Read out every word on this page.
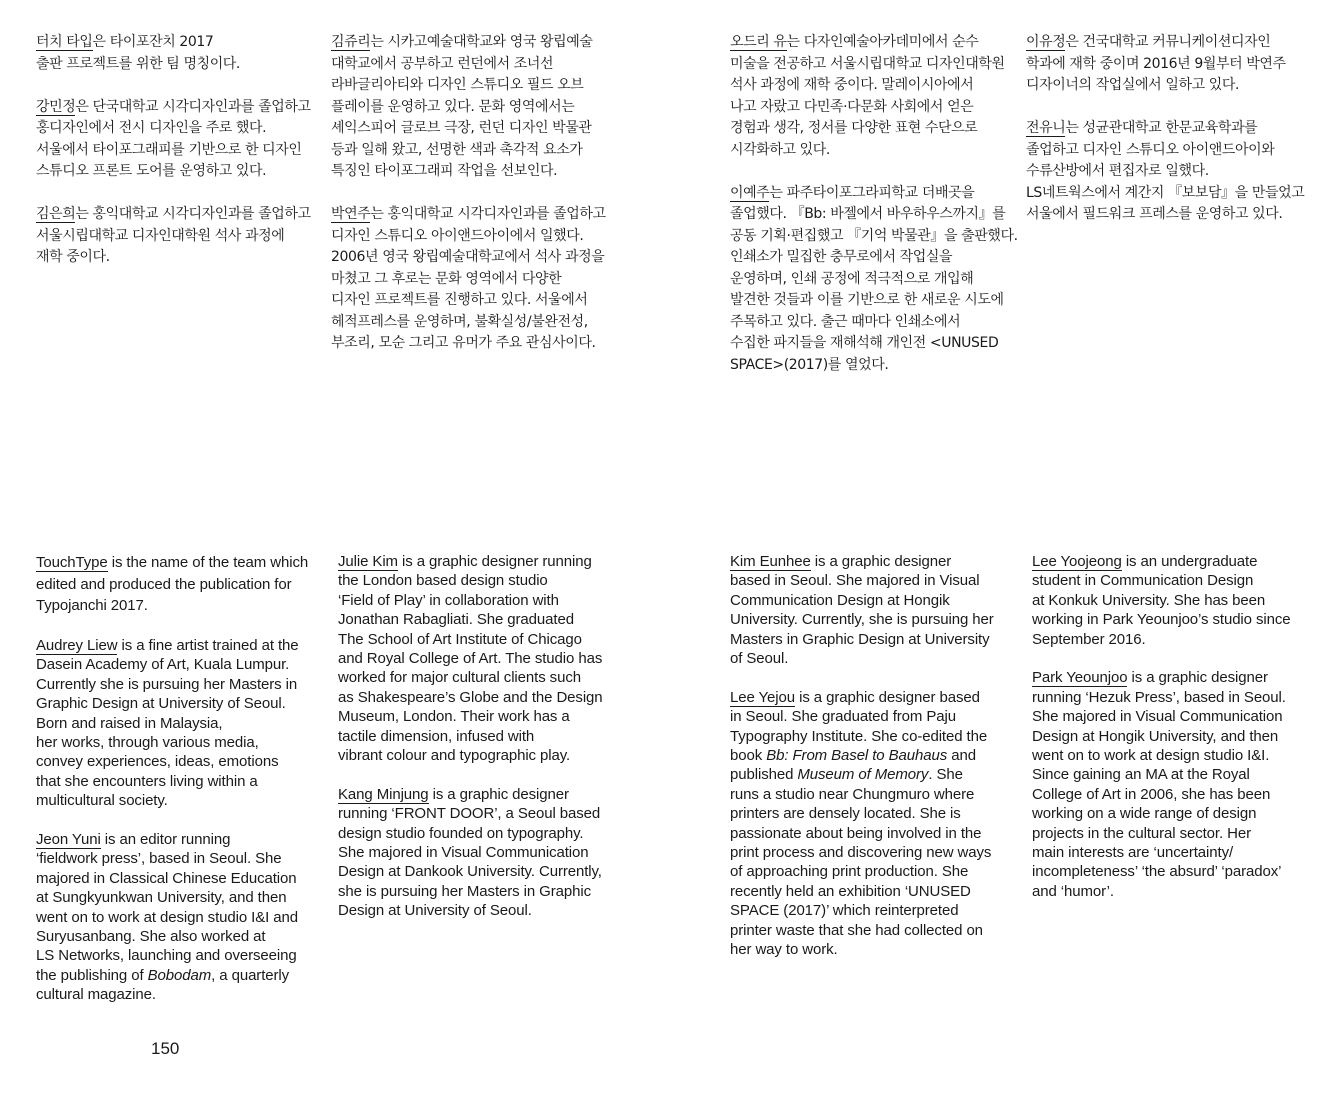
터치 타입은 타이포잔치 2017
출판 프로젝트를 위한 팀 명칭이다.

강민정은 단국대학교 시각디자인과를 졸업하고
홍디자인에서 전시 디자인을 주로 했다.
서울에서 타이포그래피를 기반으로 한 디자인
스튜디오 프론트 도어를 운영하고 있다.

김은희는 홍익대학교 시각디자인과를 졸업하고
서울시립대학교 디자인대학원 석사 과정에
재학 중이다.

김쥬리는 시카고예술대학교와 영국 왕립예술
대학교에서 공부하고 런던에서 조너선
라바글리아티와 디자인 스튜디오 필드 오브
플레이를 운영하고 있다. 문화 영역에서는
셰익스피어 글로브 극장, 런던 디자인 박물관
등과 일해 왔고, 선명한 색과 촉각적 요소가
특징인 타이포그래피 작업을 선보인다.

박연주는 홍익대학교 시각디자인과를 졸업하고
디자인 스튜디오 아이앤드아이에서 일했다.
2006년 영국 왕립예술대학교에서 석사 과정을
마쳤고 그 후로는 문화 영역에서 다양한
디자인 프로젝트를 진행하고 있다. 서울에서
헤적프레스를 운영하며, 불확실성/불완전성,
부조리, 모순 그리고 유머가 주요 관심사이다.

오드리 유는 다자인예술아카데미에서 순수
미술을 전공하고 서울시립대학교 디자인대학원
석사 과정에 재학 중이다. 말레이시아에서
나고 자랐고 다민족·다문화 사회에서 얻은
경험과 생각, 정서를 다양한 표현 수단으로
시각화하고 있다.

이예주는 파주타이포그라피학교 더배곳을
졸업했다. 『Bb: 바젤에서 바우하우스까지』를
공동 기획·편집했고 『기억 박물관』을 출판했다.
인쇄소가 밀집한 충무로에서 작업실을
운영하며, 인쇄 공정에 적극적으로 개입해
발견한 것들과 이를 기반으로 한 새로운 시도에
주목하고 있다. 출근 때마다 인쇄소에서
수집한 파지들을 재해석해 개인전 <UNUSED
SPACE>(2017)를 열었다.

이유정은 건국대학교 커뮤니케이션디자인
학과에 재학 중이며 2016년 9월부터 박연주
디자이너의 작업실에서 일하고 있다.

전유니는 성균관대학교 한문교육학과를
졸업하고 디자인 스튜디오 아이앤드아이와
수류산방에서 편집자로 일했다.
LS네트웍스에서 계간지 『보보담』을 만들었고
서울에서 필드워크 프레스를 운영하고 있다.

TouchType is the name of the team which
edited and produced the publication for
Typojanchi 2017.

Audrey Liew is a fine artist trained at the
Dasein Academy of Art, Kuala Lumpur.
Currently she is pursuing her Masters in
Graphic Design at University of Seoul.
Born and raised in Malaysia,
her works, through various media,
convey experiences, ideas, emotions
that she encounters living within a
multicultural society.

Jeon Yuni is an editor running
‘fieldwork press’, based in Seoul. She
majored in Classical Chinese Education
at Sungkyunkwan University, and then
went on to work at design studio I&I and
Suryusanbang. She also worked at
LS Networks, launching and overseeing
the publishing of Bobodam, a quarterly
cultural magazine.

Julie Kim is a graphic designer running
the London based design studio
‘Field of Play’ in collaboration with
Jonathan Rabagliati. She graduated
The School of Art Institute of Chicago
and Royal College of Art. The studio has
worked for major cultural clients such
as Shakespeare’s Globe and the Design
Museum, London. Their work has a
tactile dimension, infused with
vibrant colour and typographic play.

Kang Minjung is a graphic designer
running ‘FRONT DOOR’, a Seoul based
design studio founded on typography.
She majored in Visual Communication
Design at Dankook University. Currently,
she is pursuing her Masters in Graphic
Design at University of Seoul.

Kim Eunhee is a graphic designer
based in Seoul. She majored in Visual
Communication Design at Hongik
University. Currently, she is pursuing her
Masters in Graphic Design at University
of Seoul.

Lee Yejou is a graphic designer based
in Seoul. She graduated from Paju
Typography Institute. She co-edited the
book Bb: From Basel to Bauhaus and
published Museum of Memory. She
runs a studio near Chungmuro where
printers are densely located. She is
passionate about being involved in the
print process and discovering new ways
of approaching print production. She
recently held an exhibition ‘UNUSED
SPACE (2017)’ which reinterpreted
printer waste that she had collected on
her way to work.

Lee Yoojeong is an undergraduate
student in Communication Design
at Konkuk University. She has been
working in Park Yeounjoo’s studio since
September 2016.

Park Yeounjoo is a graphic designer
running ‘Hezuk Press’, based in Seoul.
She majored in Visual Communication
Design at Hongik University, and then
went on to work at design studio I&I.
Since gaining an MA at the Royal
College of Art in 2006, she has been
working on a wide range of design
projects in the cultural sector. Her
main interests are ‘uncertainty/
incompleteness’ ‘the absurd’ ‘paradox’
and ‘humor’.

150
